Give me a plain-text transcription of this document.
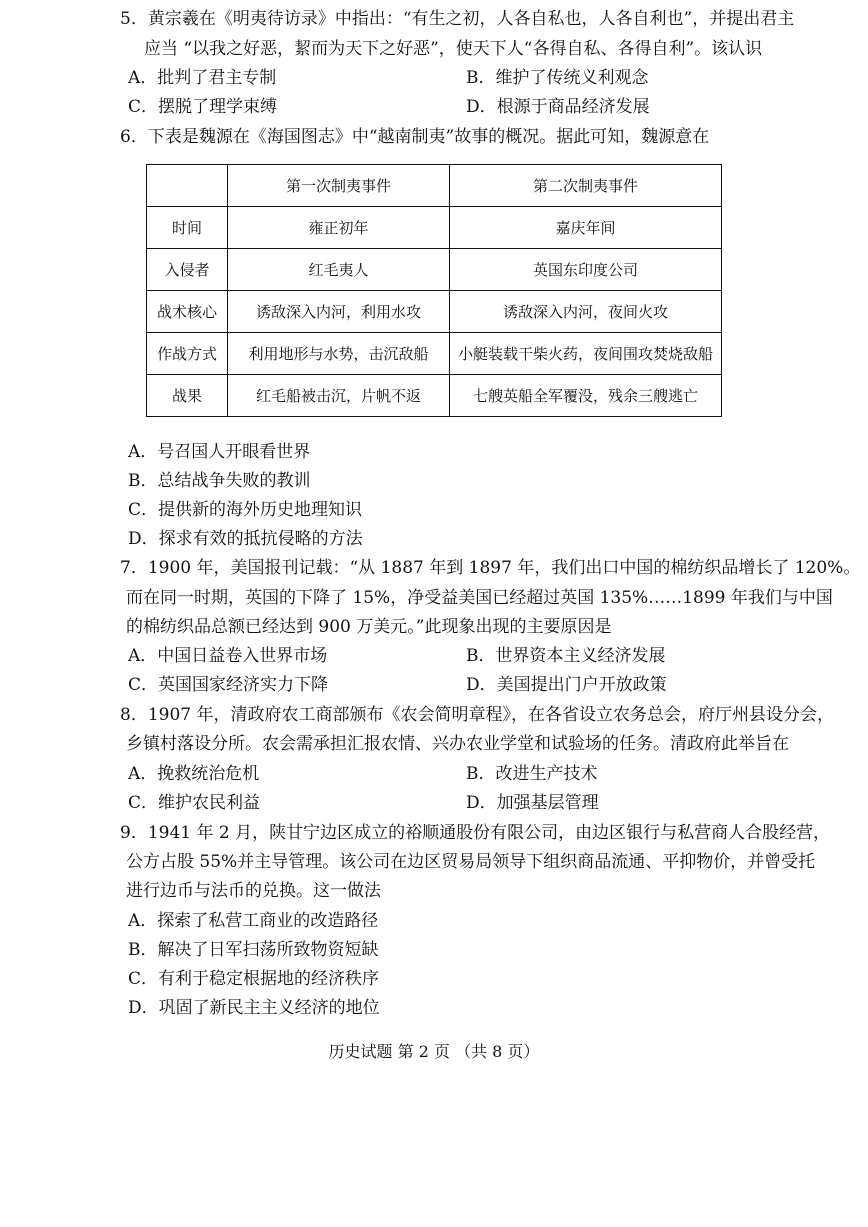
5．黄宗羲在《明夷待访录》中指出：“有生之初，人各自私也，人各自利也”，并提出君主
应当 “以我之好恶，絜而为天下之好恶”，使天下人“各得自私、各得自利”。该认识
A．批判了君主专制	B．维护了传统义利观念
C．摆脱了理学束缚	D．根源于商品经济发展
6．下表是魏源在《海国图志》中“越南制夷”故事的概况。据此可知，魏源意在
	第一次制夷事件	第二次制夷事件
时间	雍正初年	嘉庆年间
入侵者	红毛夷人	英国东印度公司
战术核心	诱敌深入内河，利用水攻	诱敌深入内河，夜间火攻
作战方式	利用地形与水势，击沉敌船	小艇装载干柴火药，夜间围攻焚烧敌船
战果	红毛船被击沉，片帆不返	七艘英船全军覆没，残余三艘逃亡
A．号召国人开眼看世界
B．总结战争失败的教训
C．提供新的海外历史地理知识
D．探求有效的抵抗侵略的方法
7．1900 年，美国报刊记载：“从 1887 年到 1897 年，我们出口中国的棉纺织品增长了 120%。
而在同一时期，英国的下降了 15%，净受益美国已经超过英国 135%……1899 年我们与中国
的棉纺织品总额已经达到 900 万美元。”此现象出现的主要原因是
A．中国日益卷入世界市场	B．世界资本主义经济发展
C．英国国家经济实力下降	D．美国提出门户开放政策
8．1907 年，清政府农工商部颁布《农会简明章程》，在各省设立农务总会，府厅州县设分会，
乡镇村落设分所。农会需承担汇报农情、兴办农业学堂和试验场的任务。清政府此举旨在
A．挽救统治危机	B．改进生产技术
C．维护农民利益	D．加强基层管理
9．1941 年 2 月，陕甘宁边区成立的裕顺通股份有限公司，由边区银行与私营商人合股经营，
公方占股 55%并主导管理。该公司在边区贸易局领导下组织商品流通、平抑物价，并曾受托
进行边币与法币的兑换。这一做法
A．探索了私营工商业的改造路径
B．解决了日军扫荡所致物资短缺
C．有利于稳定根据地的经济秩序
D．巩固了新民主主义经济的地位
历史试题 第 2 页 （共 8 页）
